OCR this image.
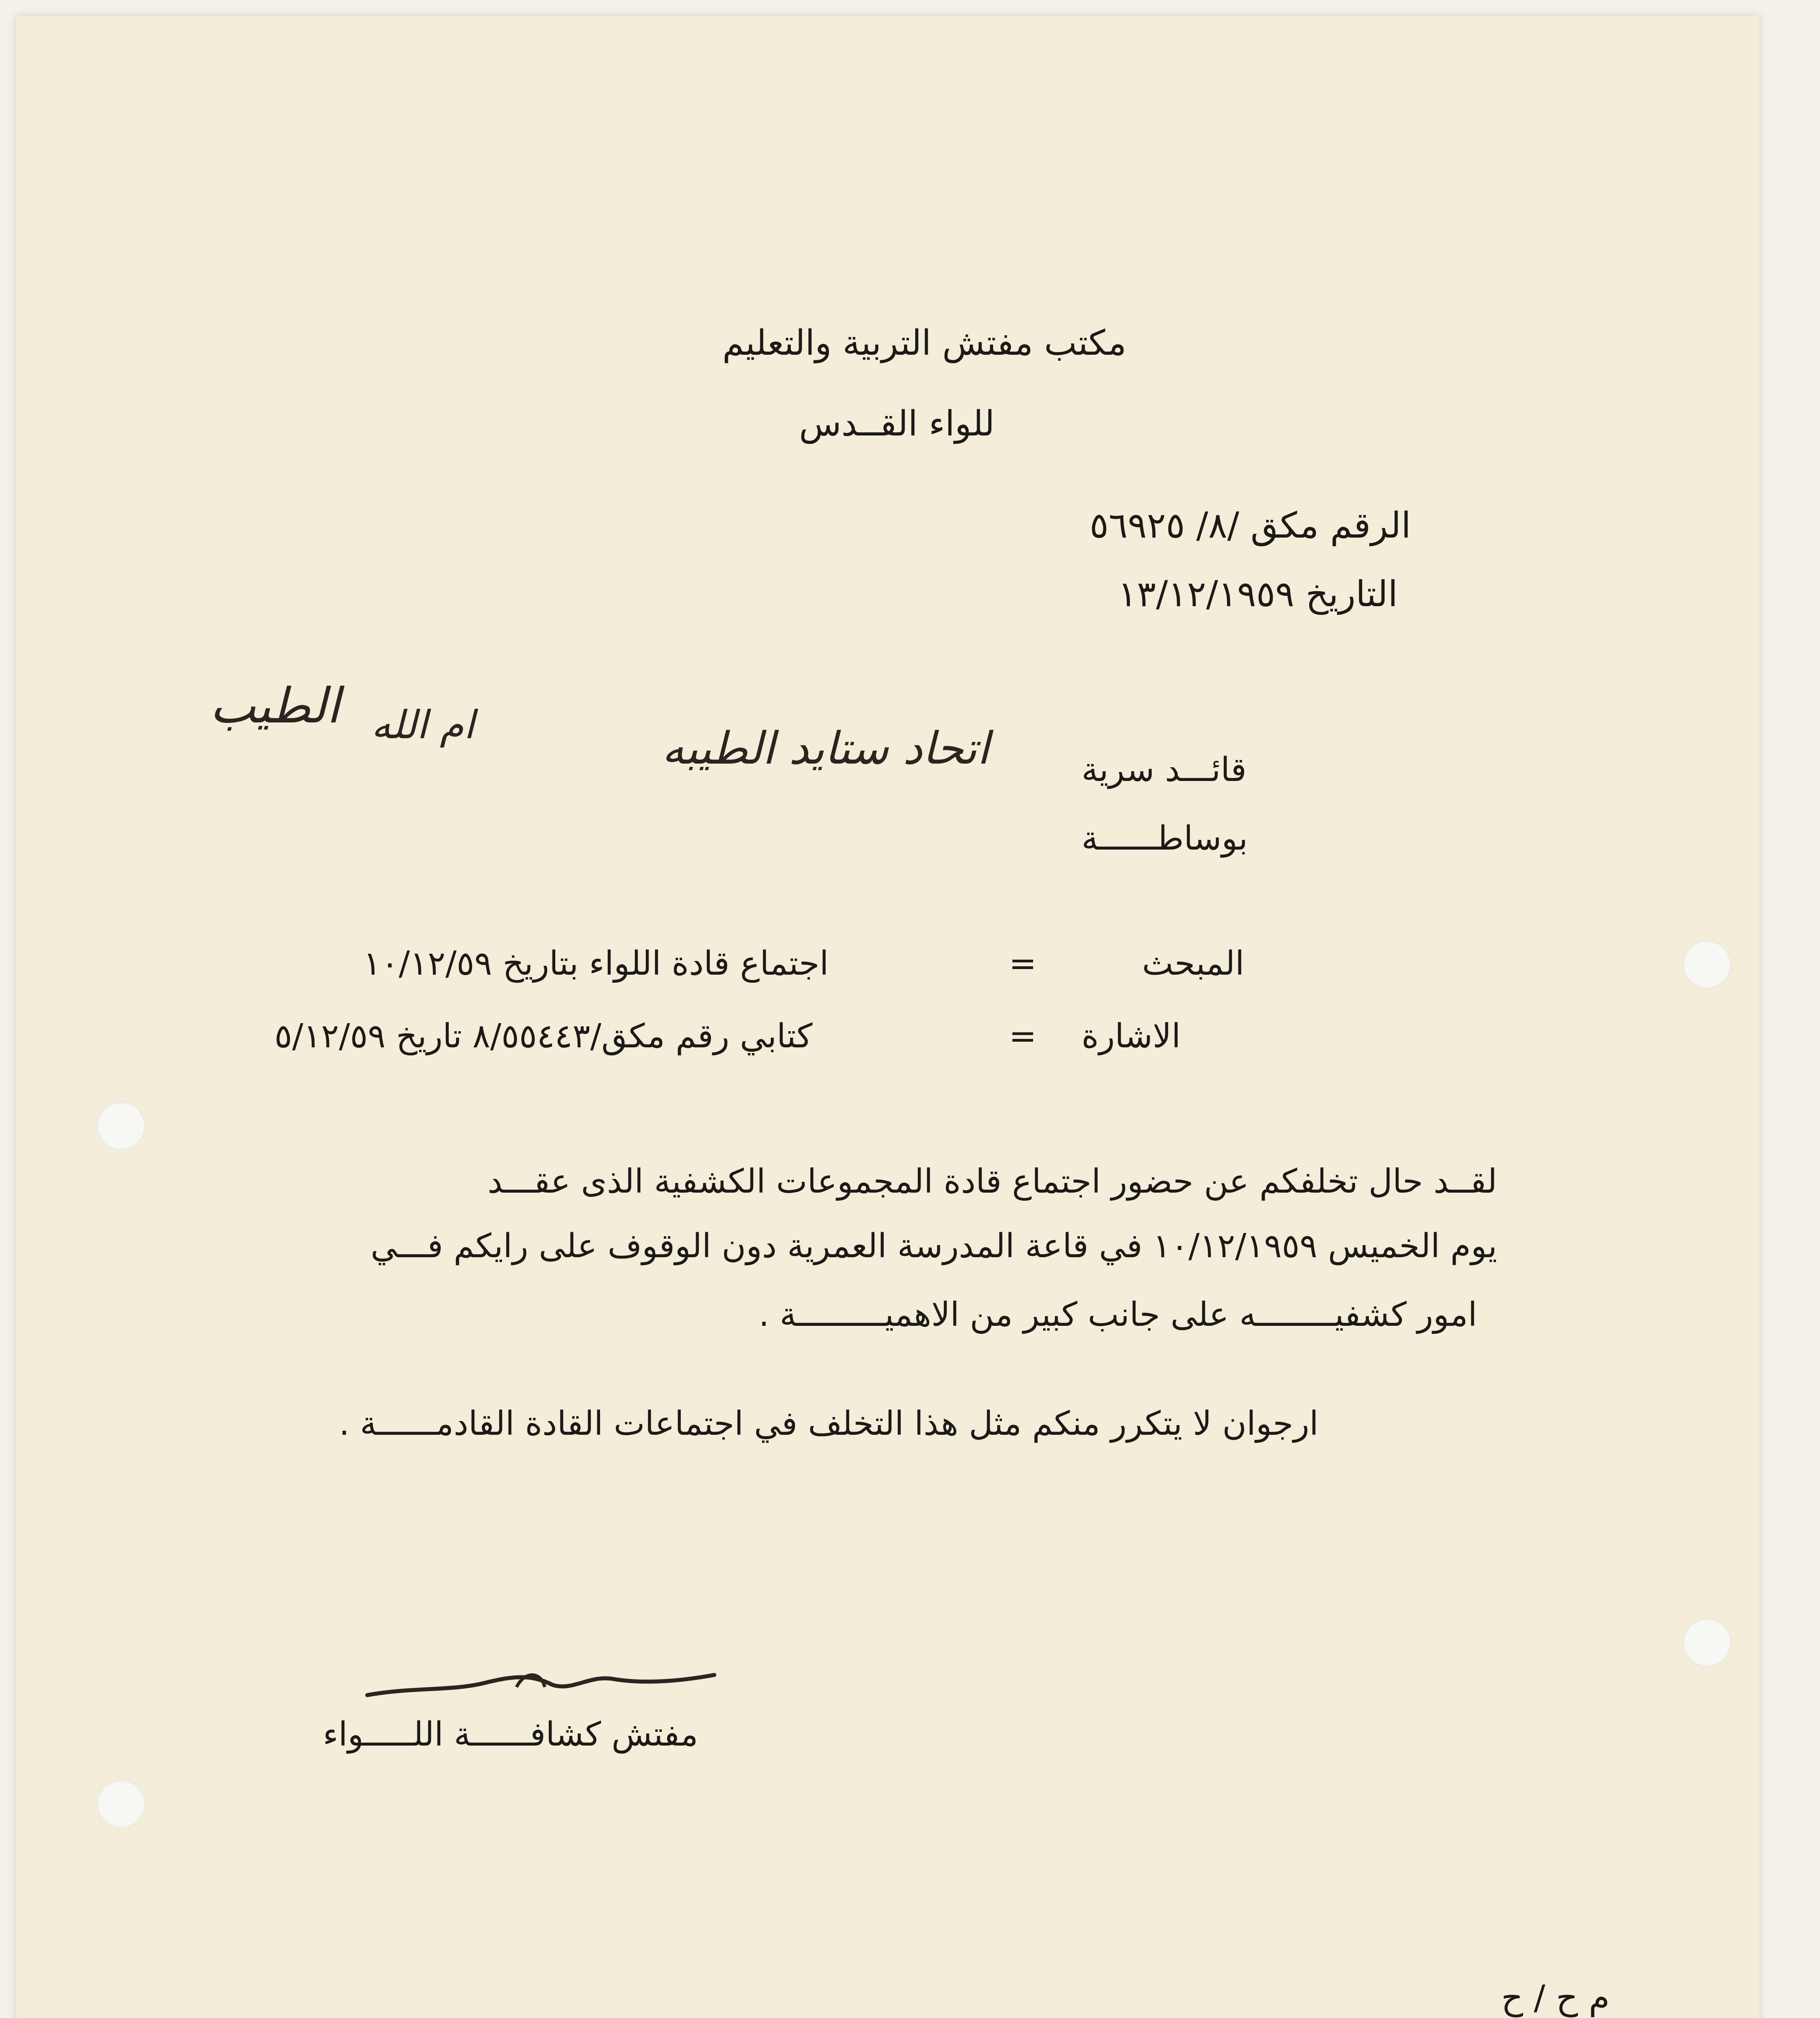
مكتب مفتش التربية والتعليم
للواء القــدس
الرقم مكق /٨/ ٥٦٩٢٥
التاريخ ١٣/١٢/١٩٥٩
الطيب ام الله	اتحاد ستايد الطيبه	قائـــد سرية
بوساطــــــة
المبحث
=
اجتماع قادة اللواء بتاريخ ١٠/١٢/٥٩
الاشارة
=
كتابي رقم مكق/٨/٥٥٤٤٣ تاريخ ٥/١٢/٥٩
لقــد حال تخلفكم عن حضور اجتماع قادة المجموعات الكشفية الذى عقـــد
يوم الخميس ١٠/١٢/١٩٥٩ في قاعة المدرسة العمرية دون الوقوف على رايكم فـــي
امور كشفيــــــــه على جانب كبير من الاهميـــــــــة .
ارجوان لا يتكرر منكم مثل هذا التخلف في اجتماعات القادة القادمــــــة .
مفتش كشافــــــة اللـــــواء
م ح / ح
